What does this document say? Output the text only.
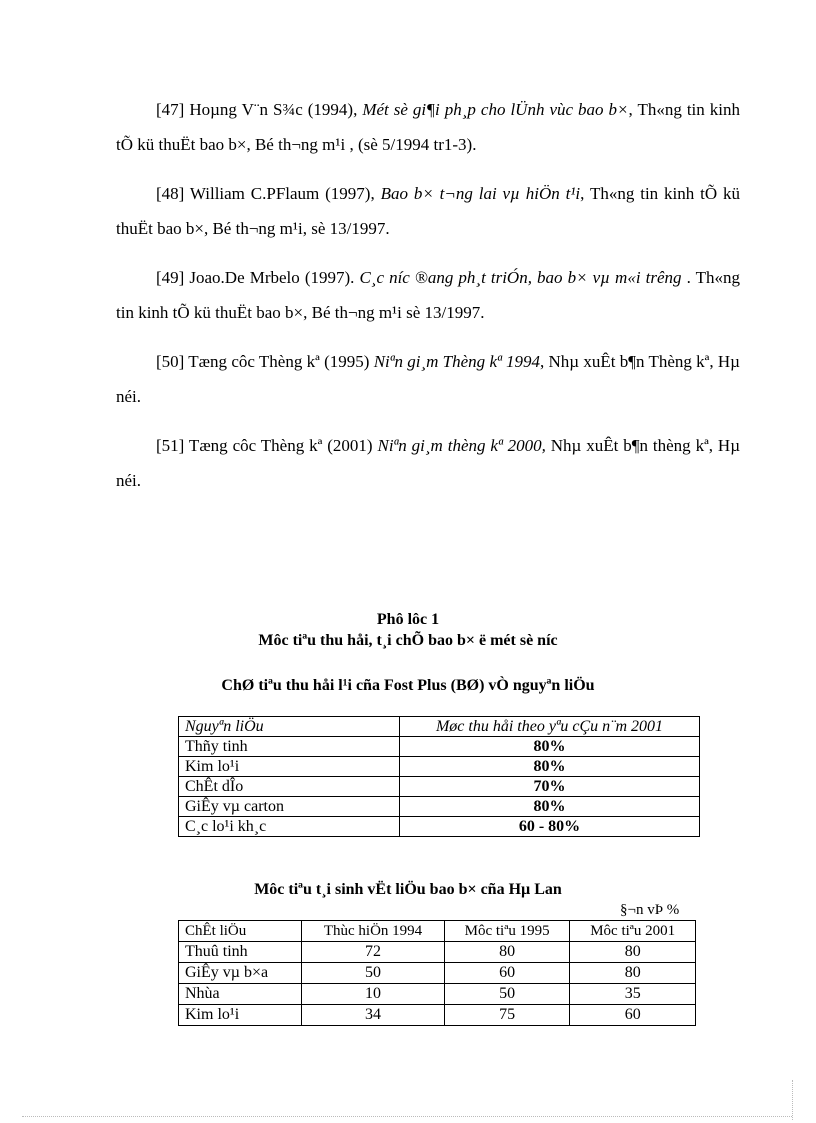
[47] Hoµng V¨n S¾c (1994), Mét sè gi¶i ph¸p cho lÜnh vùc bao b×, Th«ng tin kinh tÕ kü thuËt bao b×, Bé th¬ng m¹i , (sè 5/1994 tr1-3).

[48] William C.PFlaum (1997), Bao b× t¬ng lai vµ hiÖn t¹i, Th«ng tin kinh tÕ kü thuËt bao b×, Bé th¬ng m¹i, sè 13/1997.

[49] Joao.De Mrbelo (1997). C¸c níc ®ang ph¸t triÓn, bao b× vµ m«i trêng . Th«ng tin kinh tÕ kü thuËt bao b×, Bé th¬ng m¹i sè 13/1997.

[50] Tæng côc Thèng kª (1995) Niªn gi¸m Thèng kª 1994, Nhµ xuÊt b¶n Thèng kª, Hµ néi.

[51] Tæng côc Thèng kª (2001) Niªn gi¸m thèng kª 2000, Nhµ xuÊt b¶n thèng kª, Hµ néi.

Phô lôc 1
Môc tiªu thu håi, t¸i chÕ bao b× ë mét sè níc
ChØ tiªu thu håi l¹i cña Fost Plus (BØ) vÒ nguyªn liÖu
Nguyªn liÖu	Møc thu håi theo yªu cÇu n¨m 2001
Thñy tinh	80%
Kim lo¹i	80%
ChÊt dÎo	70%
GiÊy vµ carton	80%
C¸c lo¹i kh¸c	60 - 80%
Môc tiªu t¸i sinh vËt liÖu bao b× cña Hµ Lan
§¬n vÞ %
ChÊt liÖu	Thùc hiÖn 1994	Môc tiªu 1995	Môc tiªu 2001
Thuû tinh	72	80	80
GiÊy vµ b×a	50	60	80
Nhùa	10	50	35
Kim lo¹i	34	75	60
